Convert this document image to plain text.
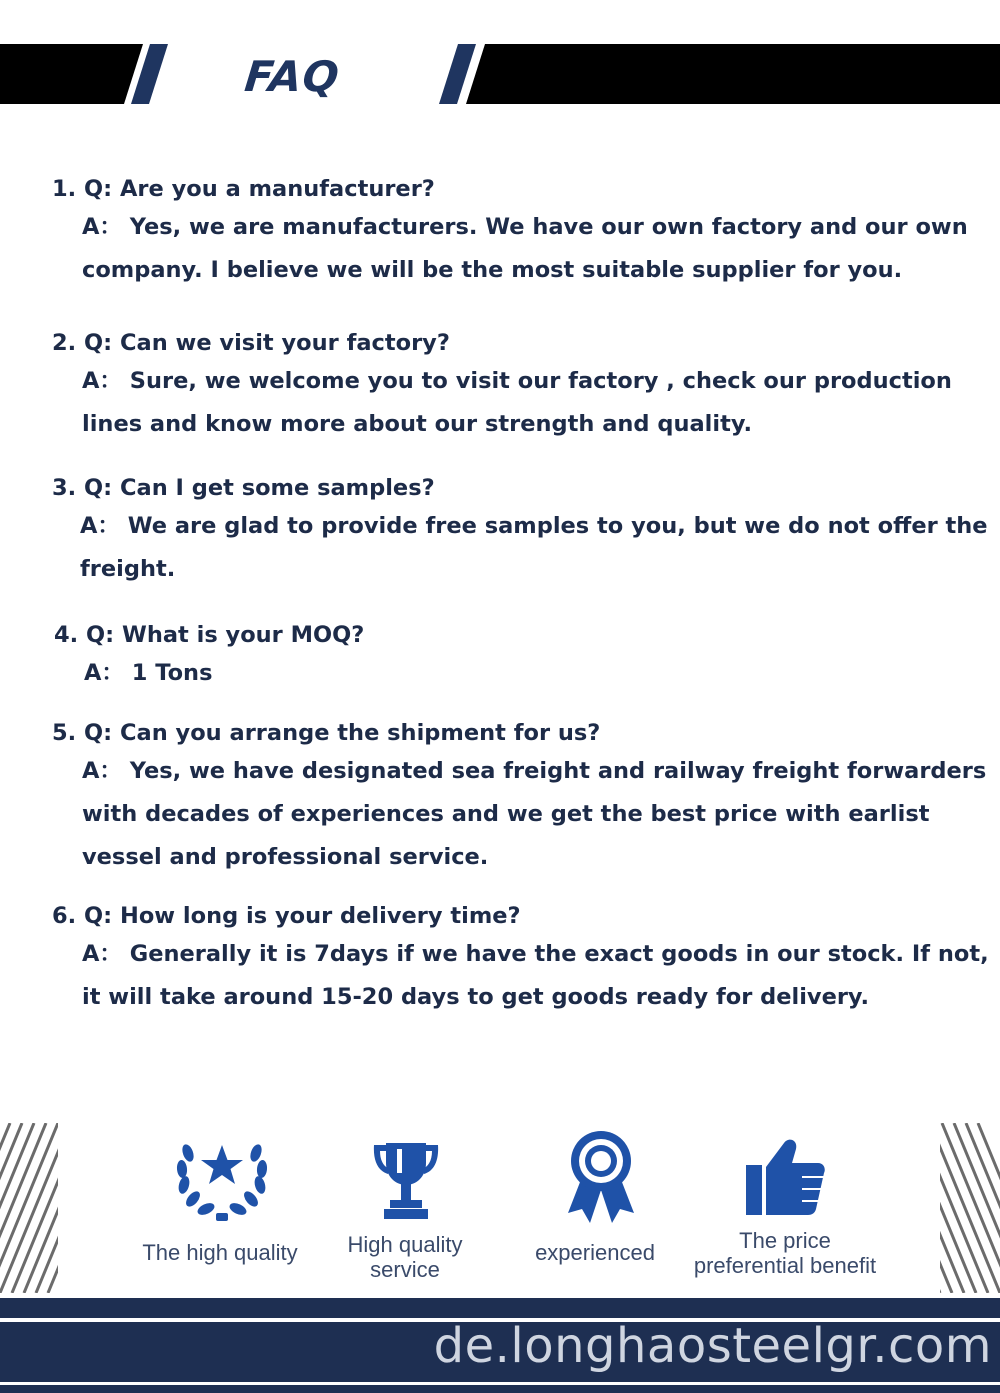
FAQ
1. Q: Are you a manufacturer?
A： Yes, we are manufacturers. We have our own factory and our own
company. I believe we will be the most suitable supplier for you.
2. Q: Can we visit your factory?
A： Sure, we welcome you to visit our factory , check our production
lines and know more about our strength and quality.
3. Q: Can I get some samples?
A： We are glad to provide free samples to you, but we do not offer the
freight.
4. Q: What is your MOQ?
A： 1 Tons
5. Q: Can you arrange the shipment for us?
A： Yes, we have designated sea freight and railway freight forwarders
with decades of experiences and we get the best price with earlist
vessel and professional service.
6. Q: How long is your delivery time?
A： Generally it is 7days if we have the exact goods in our stock. If not,
it will take around 15-20 days to get goods ready for delivery.
The high quality	High quality
service
experienced	The price
preferential benefit
de.longhaosteelgr.com
